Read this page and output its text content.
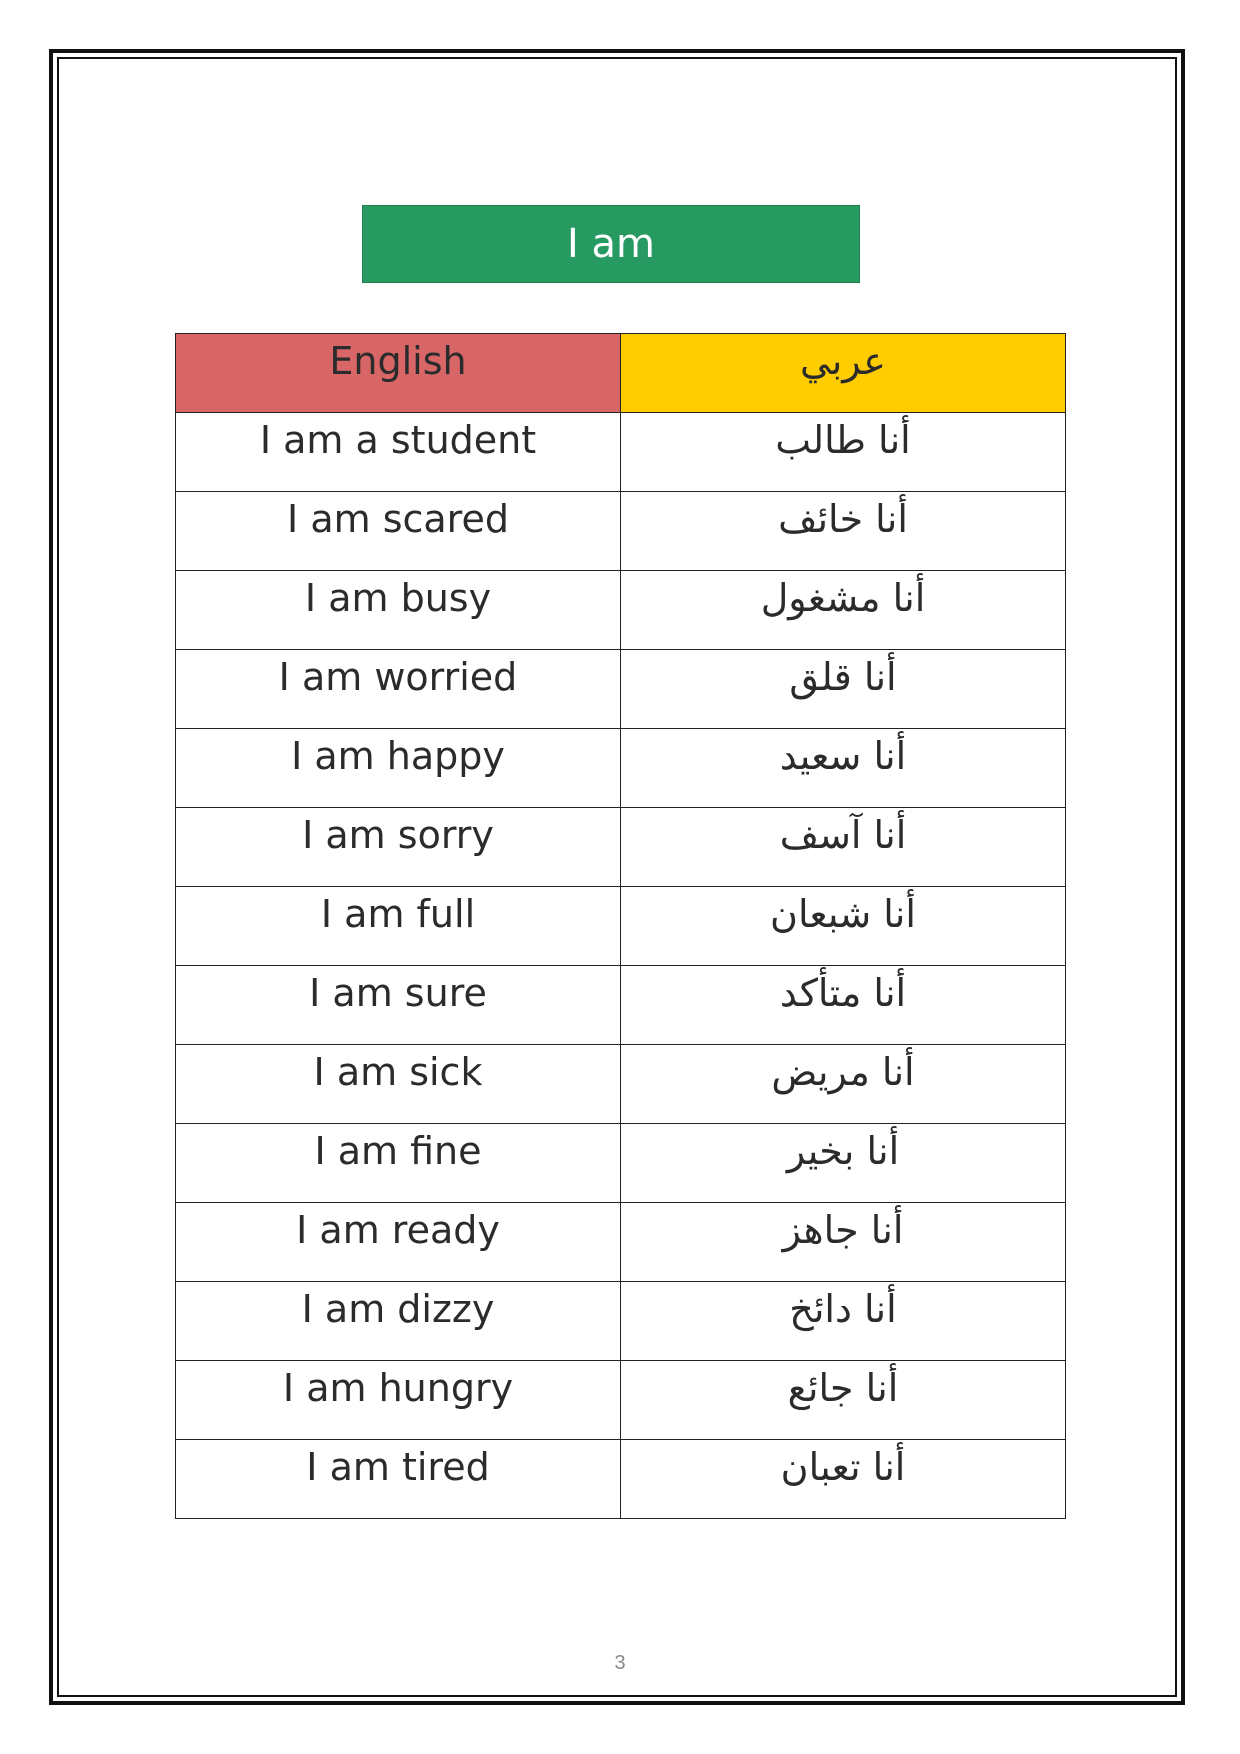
I am
English	عربي
I am a student	أنا طالب
I am scared	أنا خائف
I am busy	أنا مشغول
I am worried	أنا قلق
I am happy	أنا سعيد
I am sorry	أنا آسف
I am full	أنا شبعان
I am sure	أنا متأكد
I am sick	أنا مريض
I am fine	أنا بخير
I am ready	أنا جاهز
I am dizzy	أنا دائخ
I am hungry	أنا جائع
I am tired	أنا تعبان
3
